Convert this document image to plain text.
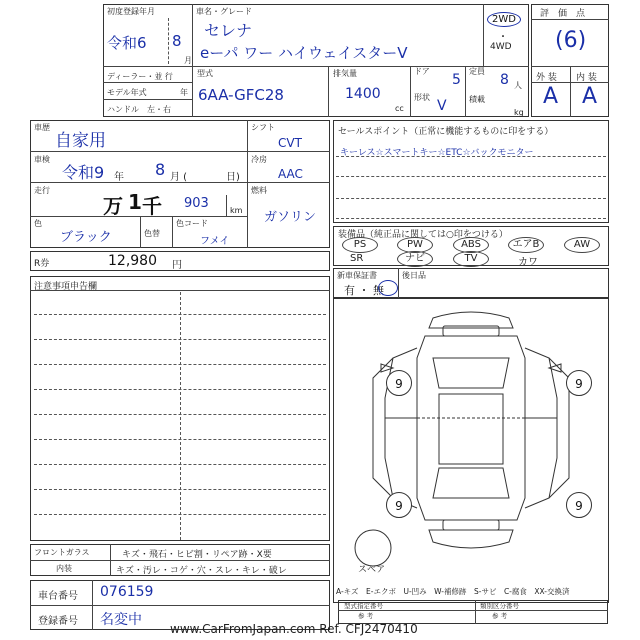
初度登録年月
令和6 8
月
車名・グレード
セレナ
eーパ ワー ハイウェイスターV
2WD
・
4WD
ディーラー・並 行
モデル年式	年
ハンドル　左・右
型式
6AA-GFC28
排気量
1400
cc
ドア
5
形状
V
定員
8 人
積載
kg
評　価　点
(6)
外 装 内 装
A A
車歴
自家用
車検
令和9 年 8 月 (	日)
走行
万 1 千 903	km
色
ブラック	色替
色コード
フメイ
シフト
CVT
冷房
AAC
燃料
ガソリン
R券	12,980 円
セールスポイント（正常に機能するものに印をする）
キーレス☆スマートキー☆ETC☆バックモニター
装備品（純正品に関しては○印をつける）
PS	PW	ABS	エアB	AW
SR	ナビ	TV	カワ
新車保証書
有 ・ 無
後日品
注意事項申告欄
9	9
9	9
スペア
A-キズ　E-エクボ　U-凹み　W-補修跡　S-サビ　C-腐食　XX-交換済
フロントガラス	キズ・飛石・ヒビ割・リペア跡・X要
内装	キズ・汚レ・コゲ・穴・スレ・キレ・破レ
車台番号 076159
登録番号 名変中
型式指定番号
参 考
類別区分番号
参 考
www.CarFromJapan.com Ref. CFJ2470410
